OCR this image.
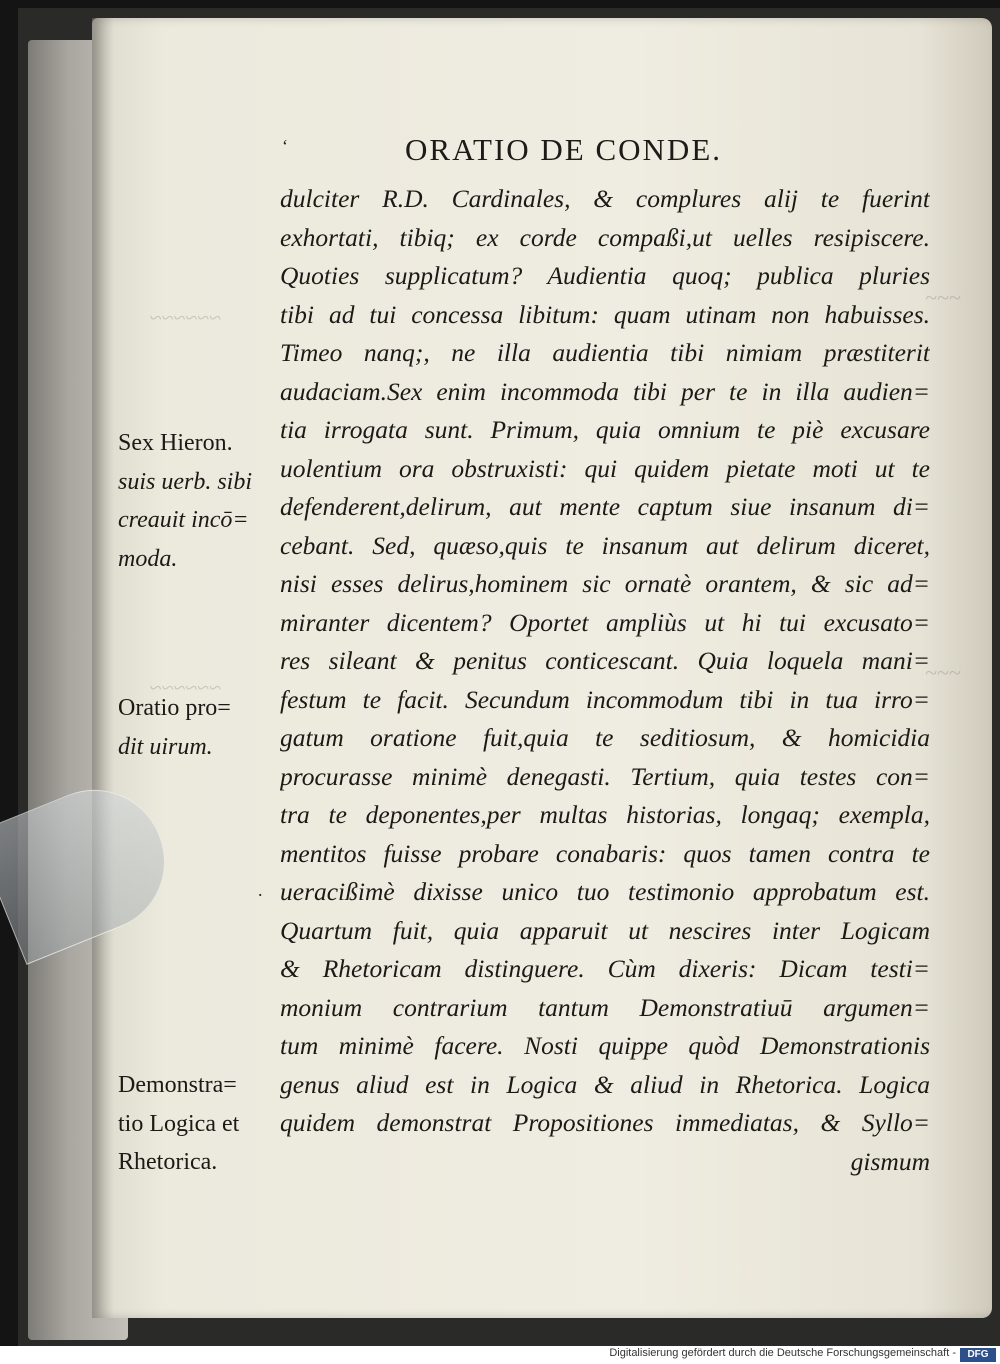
~~~~~~
~~~~~~
~~~
~~~
‘
.
ORATIO DE CONDE.
dulciter R.D. Cardinales, & complures alij te fuerint
exhortati, tibiq; ex corde compaßi,ut uelles resipiscere.
Quoties supplicatum? Audientia quoq; publica pluries
tibi ad tui concessa libitum: quam utinam non habuisses.
Timeo nanq;, ne illa audientia tibi nimiam præstiterit
audaciam.Sex enim incommoda tibi per te in illa audien=
tia irrogata sunt. Primum, quia omnium te piè excusare
uolentium ora obstruxisti: qui quidem pietate moti ut te
defenderent,delirum, aut mente captum siue insanum di=
cebant. Sed, quæso,quis te insanum aut delirum diceret,
nisi esses delirus,hominem sic ornatè orantem, & sic ad=
miranter dicentem? Oportet ampliùs ut hi tui excusato=
res sileant & penitus conticescant. Quia loquela mani=
festum te facit. Secundum incommodum tibi in tua irro=
gatum oratione fuit,quia te seditiosum, & homicidia
procurasse minimè denegasti. Tertium, quia testes con=
tra te deponentes,per multas historias, longaq; exempla,
mentitos fuisse probare conabaris: quos tamen contra te
ueracißimè dixisse unico tuo testimonio approbatum est.
Quartum fuit, quia apparuit ut nescires inter Logicam
& Rhetoricam distinguere. Cùm dixeris: Dicam testi=
monium contrarium tantum Demonstratiuū argumen=
tum minimè facere. Nosti quippe quòd Demonstrationis
genus aliud est in Logica & aliud in Rhetorica. Logica
quidem demonstrat Propositiones immediatas, & Syllo=
gismum
Sex Hieron.
suis uerb. sibi
creauit incō=
moda.
Oratio pro=
dit uirum.
Demonstra=
tio Logica et
Rhetorica.
Digitalisierung gefördert durch die Deutsche Forschungsgemeinschaft -	DFG
